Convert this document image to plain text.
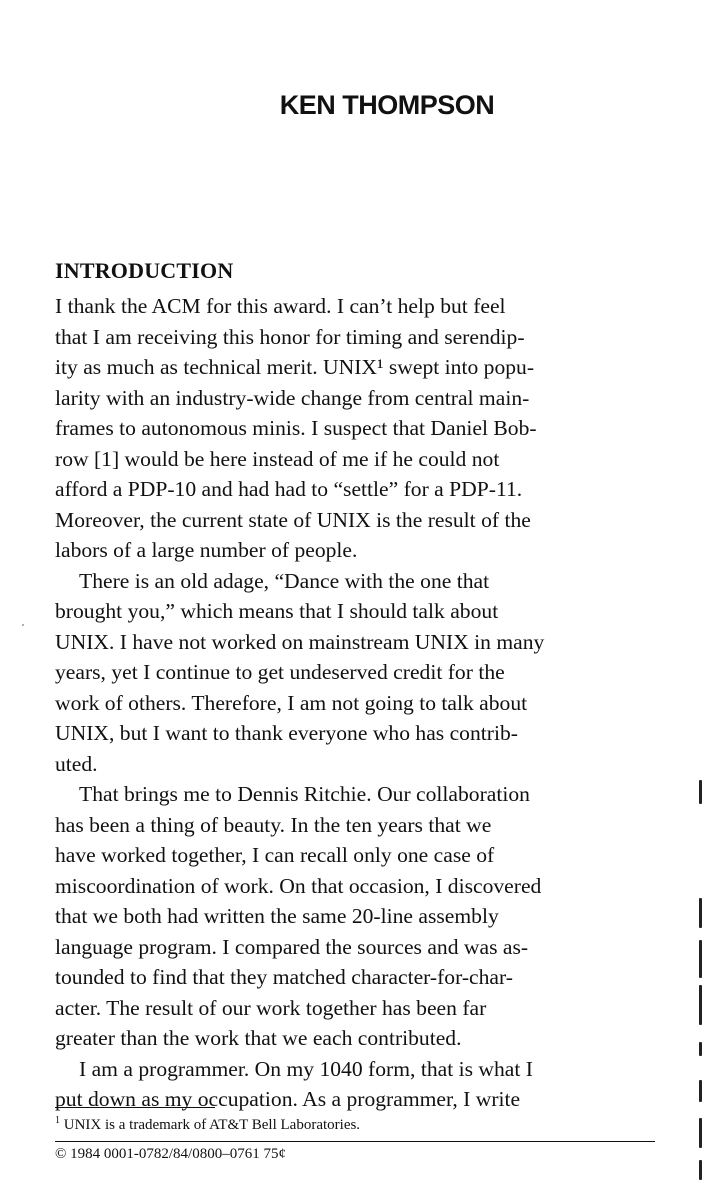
KEN THOMPSON
INTRODUCTION

I thank the ACM for this award. I can’t help but feel
that I am receiving this honor for timing and serendip-
ity as much as technical merit. UNIX¹ swept into popu-
larity with an industry-wide change from central main-
frames to autonomous minis. I suspect that Daniel Bob-
row [1] would be here instead of me if he could not
afford a PDP-10 and had had to “settle” for a PDP-11.
Moreover, the current state of UNIX is the result of the
labors of a large number of people.

There is an old adage, “Dance with the one that
brought you,” which means that I should talk about
UNIX. I have not worked on mainstream UNIX in many
years, yet I continue to get undeserved credit for the
work of others. Therefore, I am not going to talk about
UNIX, but I want to thank everyone who has contrib-
uted.

That brings me to Dennis Ritchie. Our collaboration
has been a thing of beauty. In the ten years that we
have worked together, I can recall only one case of
miscoordination of work. On that occasion, I discovered
that we both had written the same 20-line assembly
language program. I compared the sources and was as-
tounded to find that they matched character-for-char-
acter. The result of our work together has been far
greater than the work that we each contributed.

I am a programmer. On my 1040 form, that is what I
put down as my occupation. As a programmer, I write

$^1$ UNIX is a trademark of AT&T Bell Laboratories.
© 1984 0001-0782/84/0800–0761 75¢
